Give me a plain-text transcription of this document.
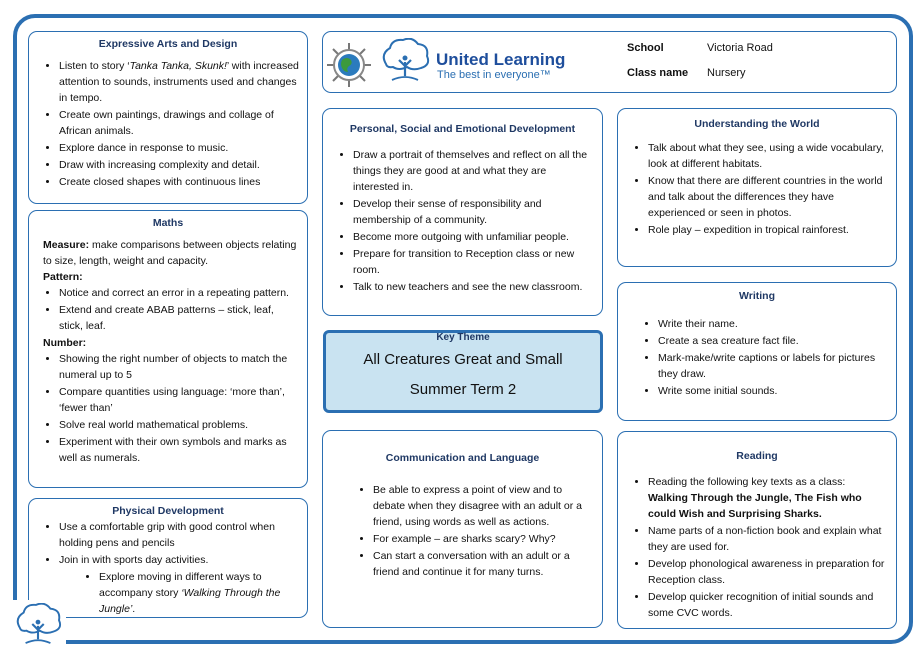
United Learning
The best in everyone™
School	Victoria Road
Class name Nursery
Expressive Arts and Design
• Listen to story ‘Tanka Tanka, Skunk!’ with increased attention to sounds, instruments used and changes in tempo.
• Create own paintings, drawings and collage of African animals.
• Explore dance in response to music.
• Draw with increasing complexity and detail.
• Create closed shapes with continuous lines
Maths

Measure: make comparisons between objects relating to size, length, weight and capacity.

Pattern:
• Notice and correct an error in a repeating pattern.
• Extend and create ABAB patterns – stick, leaf, stick, leaf.
Number:
• Showing the right number of objects to match the numeral up to 5
• Compare quantities using language: ‘more than’, ‘fewer than’
• Solve real world mathematical problems.
• Experiment with their own symbols and marks as well as numerals.
Physical Development
• Use a comfortable grip with good control when holding pens and pencils
• Join in with sports day activities.
• Explore moving in different ways to accompany story ‘Walking Through the Jungle’.
Personal, Social and Emotional Development
• Draw a portrait of themselves and reflect on all the things they are good at and what they are interested in.
• Develop their sense of responsibility and membership of a community.
• Become more outgoing with unfamiliar people.
• Prepare for transition to Reception class or new room.
• Talk to new teachers and see the new classroom.
Key Theme
All Creatures Great and Small
Summer Term 2
Communication and Language
• Be able to express a point of view and to debate when they disagree with an adult or a friend, using words as well as actions.
• For example – are sharks scary? Why?
• Can start a conversation with an adult or a friend and continue it for many turns.
Understanding the World
• Talk about what they see, using a wide vocabulary, look at different habitats.
• Know that there are different countries in the world and talk about the differences they have experienced or seen in photos.
• Role play – expedition in tropical rainforest.
Writing
• Write their name.
• Create a sea creature fact file.
• Mark-make/write captions or labels for pictures they draw.
• Write some initial sounds.
Reading
• Reading the following key texts as a class: Walking Through the Jungle, The Fish who could Wish and Surprising Sharks.
• Name parts of a non-fiction book and explain what they are used for.
• Develop phonological awareness in preparation for Reception class.
• Develop quicker recognition of initial sounds and some CVC words.
